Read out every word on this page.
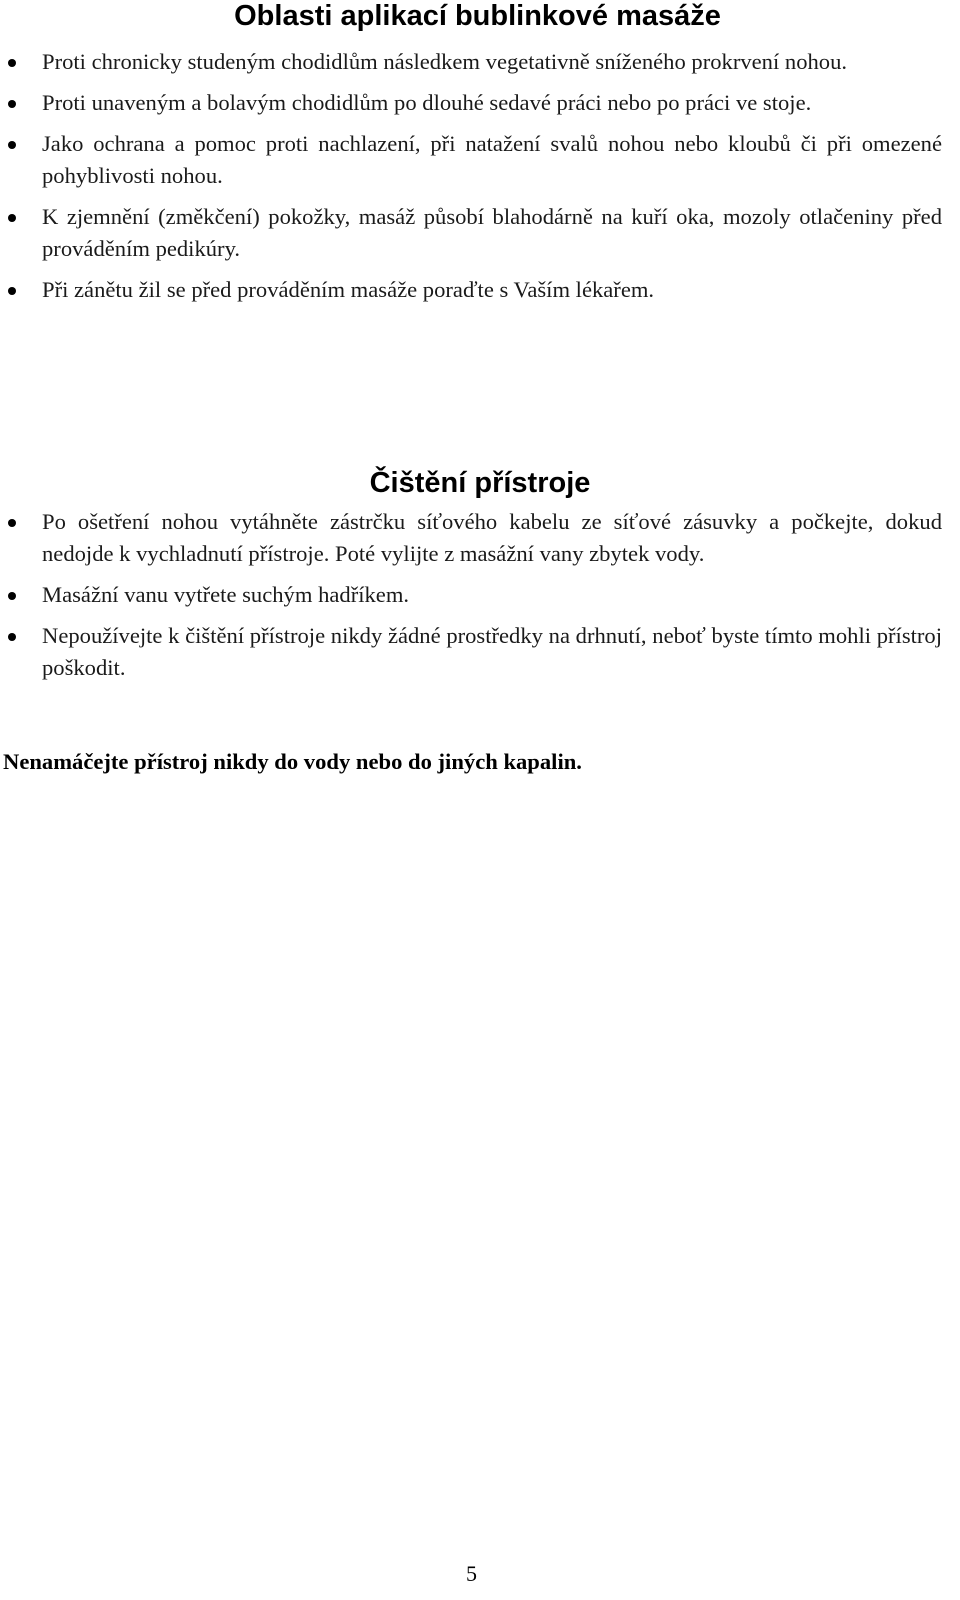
Oblasti aplikací bublinkové masáže
Proti chronicky studeným chodidlům následkem vegetativně sníženého prokrvení nohou.
Proti unaveným a bolavým chodidlům po dlouhé sedavé práci nebo po práci ve stoje.
Jako ochrana a pomoc proti nachlazení, při natažení svalů nohou nebo kloubů či při omezené pohyblivosti nohou.
K zjemnění (změkčení) pokožky, masáž působí blahodárně na kuří oka, mozoly otlačeniny před prováděním pedikúry.
Při zánětu žil se před prováděním masáže poraďte s Vaším lékařem.
Čištění přístroje
Po ošetření nohou vytáhněte zástrčku síťového kabelu ze síťové zásuvky a počkejte, dokud nedojde k vychladnutí přístroje. Poté vylijte z masážní vany zbytek vody.
Masážní vanu vytřete suchým hadříkem.
Nepoužívejte k čištění přístroje nikdy žádné prostředky na drhnutí, neboť byste tímto mohli přístroj poškodit.

Nenamáčejte přístroj nikdy do vody nebo do jiných kapalin.

5
